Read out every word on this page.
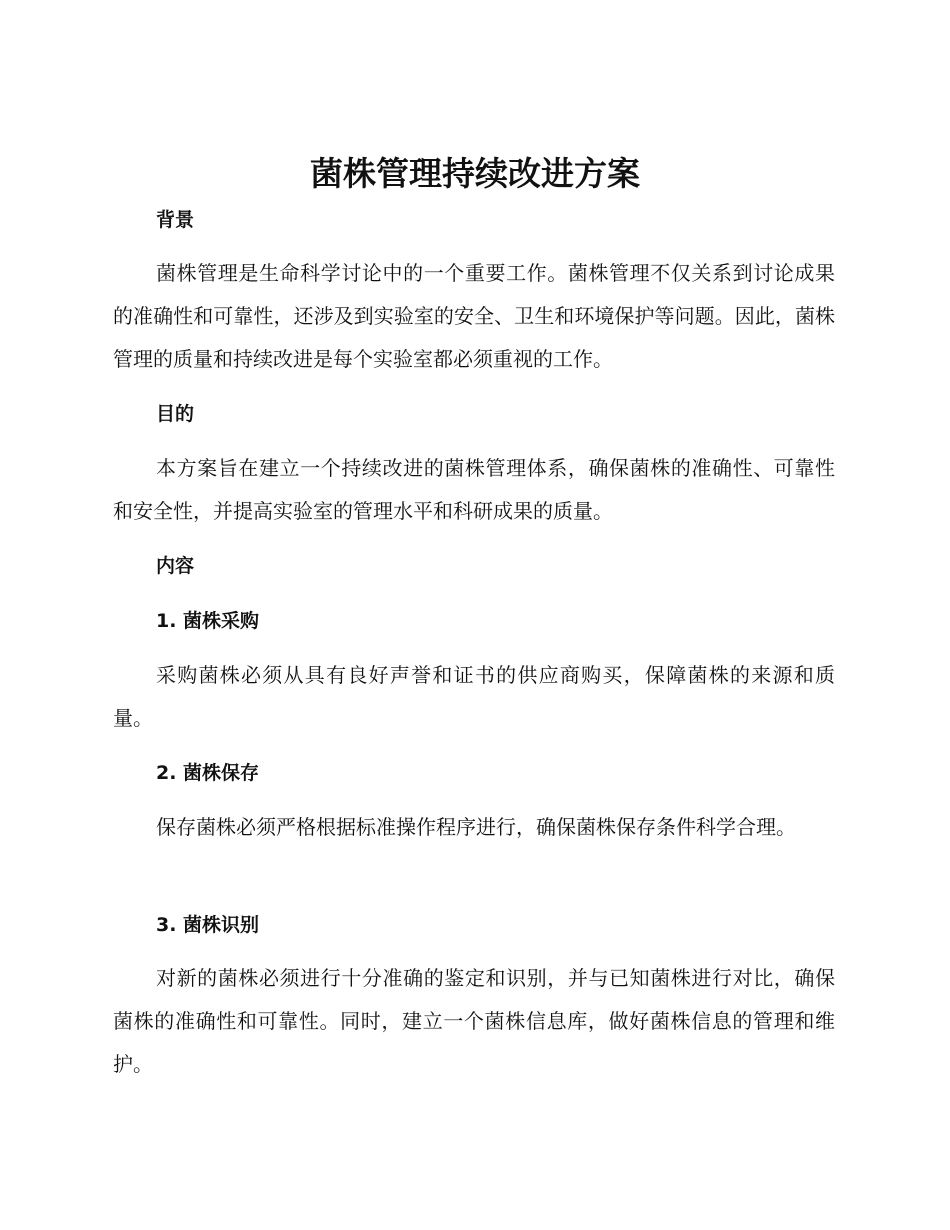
菌株管理持续改进方案
背景

菌株管理是生命科学讨论中的一个重要工作。菌株管理不仅关系到讨论成果的准确性和可靠性，还涉及到实验室的安全、卫生和环境保护等问题。因此，菌株管理的质量和持续改进是每个实验室都必须重视的工作。

目的

本方案旨在建立一个持续改进的菌株管理体系，确保菌株的准确性、可靠性和安全性，并提高实验室的管理水平和科研成果的质量。

内容
1. 菌株采购

采购菌株必须从具有良好声誉和证书的供应商购买，保障菌株的来源和质量。

2. 菌株保存

保存菌株必须严格根据标准操作程序进行，确保菌株保存条件科学合理。

3. 菌株识别

对新的菌株必须进行十分准确的鉴定和识别，并与已知菌株进行对比，确保菌株的准确性和可靠性。同时，建立一个菌株信息库，做好菌株信息的管理和维护。
